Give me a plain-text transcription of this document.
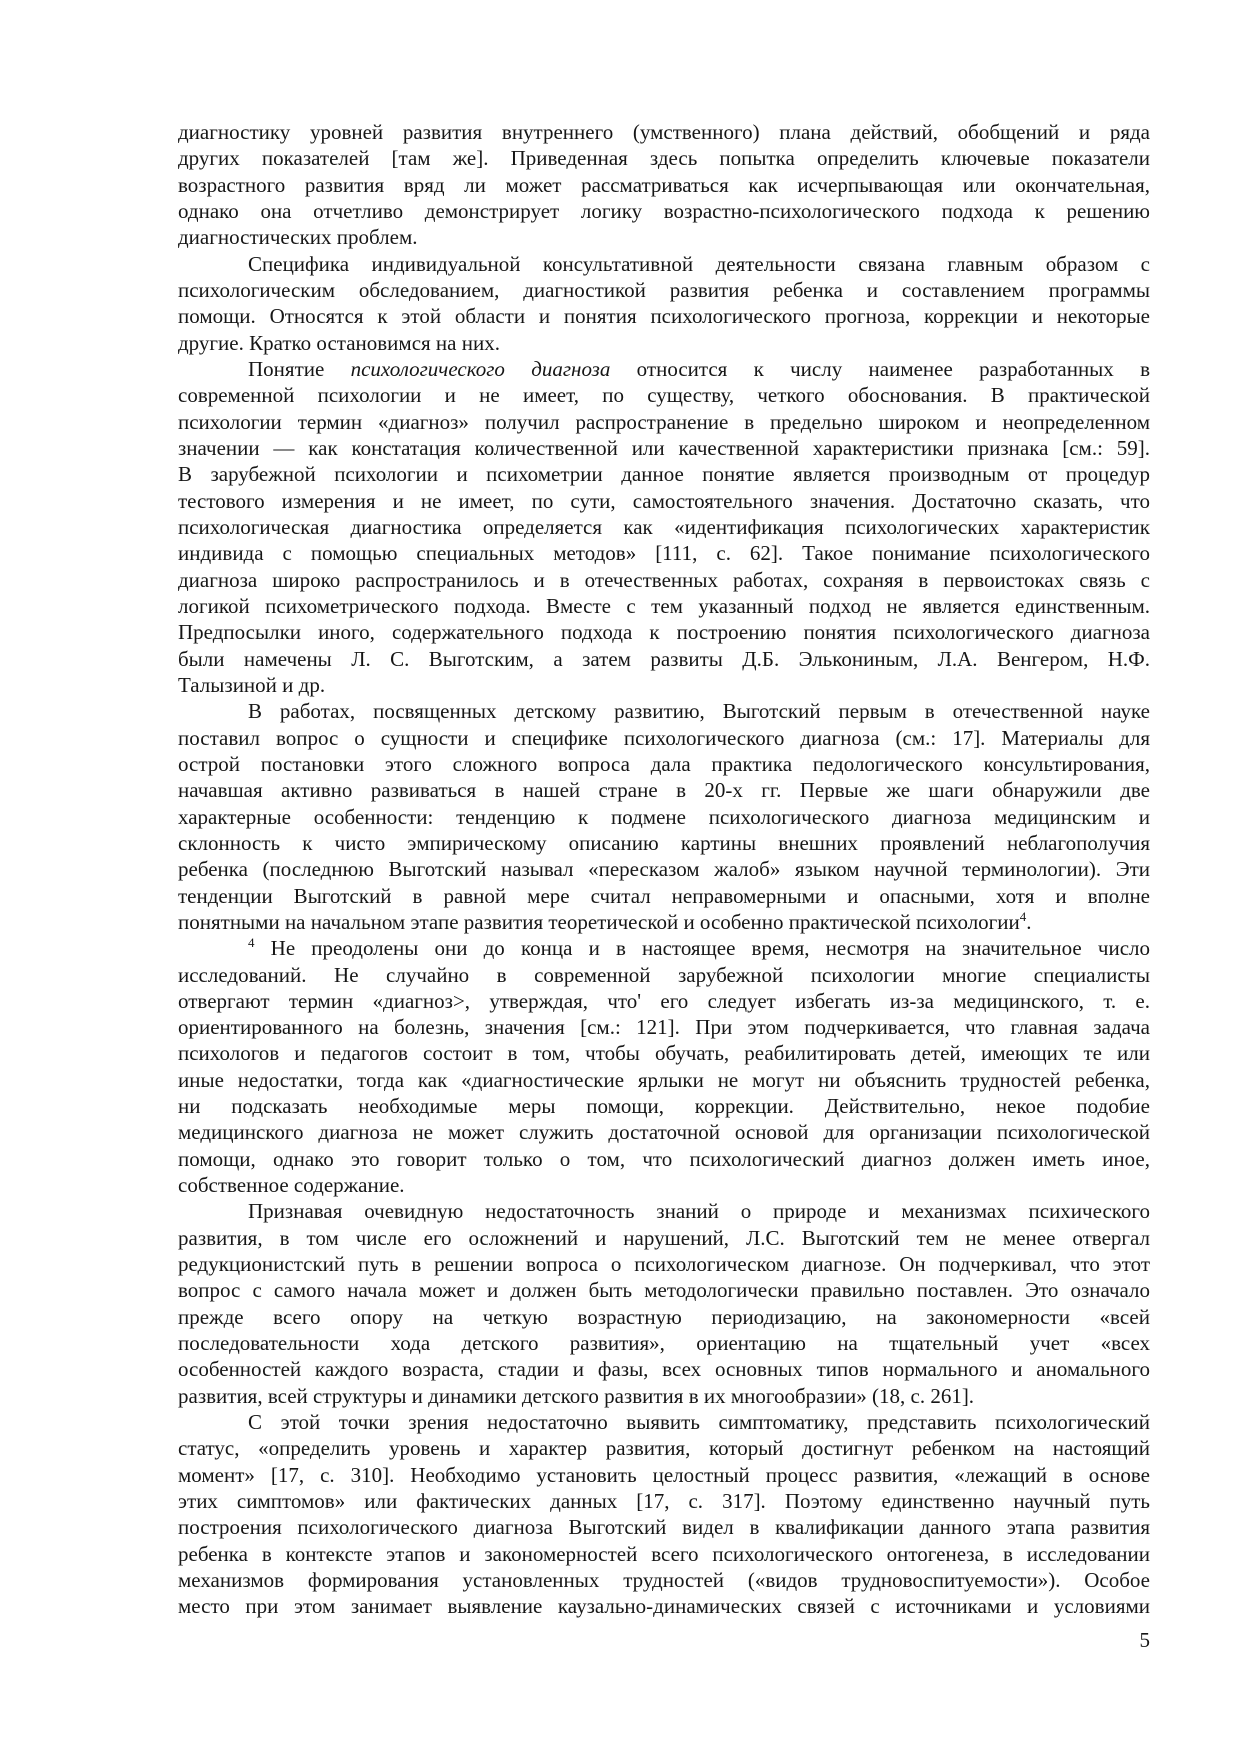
диагностику уровней развития внутреннего (умственного) плана действий, обобщений и ряда
других показателей [там же]. Приведенная здесь попытка определить ключевые показатели
возрастного развития вряд ли может рассматриваться как исчерпывающая или окончательная,
однако она отчетливо демонстрирует логику возрастно-психологического подхода к решению
диагностических проблем.
Специфика индивидуальной консультативной деятельности связана главным образом с
психологическим обследованием, диагностикой развития ребенка и составлением программы
помощи. Относятся к этой области и понятия психологического прогноза, коррекции и некоторые
другие. Кратко остановимся на них.
Понятие психологического диагноза относится к числу наименее разработанных в
современной психологии и не имеет, по существу, четкого обоснования. В практической
психологии термин «диагноз» получил распространение в предельно широком и неопределенном
значении — как констатация количественной или качественной характеристики признака [см.: 59].
В зарубежной психологии и психометрии данное понятие является производным от процедур
тестового измерения и не имеет, по сути, самостоятельного значения. Достаточно сказать, что
психологическая диагностика определяется как «идентификация психологических характеристик
индивида с помощью специальных методов» [111, с. 62]. Такое понимание психологического
диагноза широко распространилось и в отечественных работах, сохраняя в первоистоках связь с
логикой психометрического подхода. Вместе с тем указанный подход не является единственным.
Предпосылки иного, содержательного подхода к построению понятия психологического диагноза
были намечены Л. С. Выготским, а затем развиты Д.Б. Элькониным, Л.А. Венгером, Н.Ф.
Талызиной и др.
В работах, посвященных детскому развитию, Выготский первым в отечественной науке
поставил вопрос о сущности и специфике психологического диагноза (см.: 17]. Материалы для
острой постановки этого сложного вопроса дала практика педологического консультирования,
начавшая активно развиваться в нашей стране в 20-х гг. Первые же шаги обнаружили две
характерные особенности: тенденцию к подмене психологического диагноза медицинским и
склонность к чисто эмпирическому описанию картины внешних проявлений неблагополучия
ребенка (последнюю Выготский называл «пересказом жалоб» языком научной терминологии). Эти
тенденции Выготский в равной мере считал неправомерными и опасными, хотя и вполне
понятными на начальном этапе развития теоретической и особенно практической психологии$^4$.
$^4$ Не преодолены они до конца и в настоящее время, несмотря на значительное число
исследований. Не случайно в современной зарубежной психологии многие специалисты
отвергают термин «диагноз>, утверждая, что' его следует избегать из-за медицинского, т. е.
ориентированного на болезнь, значения [см.: 121]. При этом подчеркивается, что главная задача
психологов и педагогов состоит в том, чтобы обучать, реабилитировать детей, имеющих те или
иные недостатки, тогда как «диагностические ярлыки не могут ни объяснить трудностей ребенка,
ни подсказать необходимые меры помощи, коррекции. Действительно, некое подобие
медицинского диагноза не может служить достаточной основой для организации психологической
помощи, однако это говорит только о том, что психологический диагноз должен иметь иное,
собственное содержание.
Признавая очевидную недостаточность знаний о природе и механизмах психического
развития, в том числе его осложнений и нарушений, Л.С. Выготский тем не менее отвергал
редукционистский путь в решении вопроса о психологическом диагнозе. Он подчеркивал, что этот
вопрос с самого начала может и должен быть методологически правильно поставлен. Это означало
прежде всего опору на четкую возрастную периодизацию, на закономерности «всей
последовательности хода детского развития», ориентацию на тщательный учет «всех
особенностей каждого возраста, стадии и фазы, всех основных типов нормального и аномального
развития, всей структуры и динамики детского развития в их многообразии» (18, с. 261].
С этой точки зрения недостаточно выявить симптоматику, представить психологический
статус, «определить уровень и характер развития, который достигнут ребенком на настоящий
момент» [17, с. 310]. Необходимо установить целостный процесс развития, «лежащий в основе
этих симптомов» или фактических данных [17, с. 317]. Поэтому единственно научный путь
построения психологического диагноза Выготский видел в квалификации данного этапа развития
ребенка в контексте этапов и закономерностей всего психологического онтогенеза, в исследовании
механизмов формирования установленных трудностей («видов трудновоспитуемости»). Особое
место при этом занимает выявление каузально-динамических связей с источниками и условиями
5
